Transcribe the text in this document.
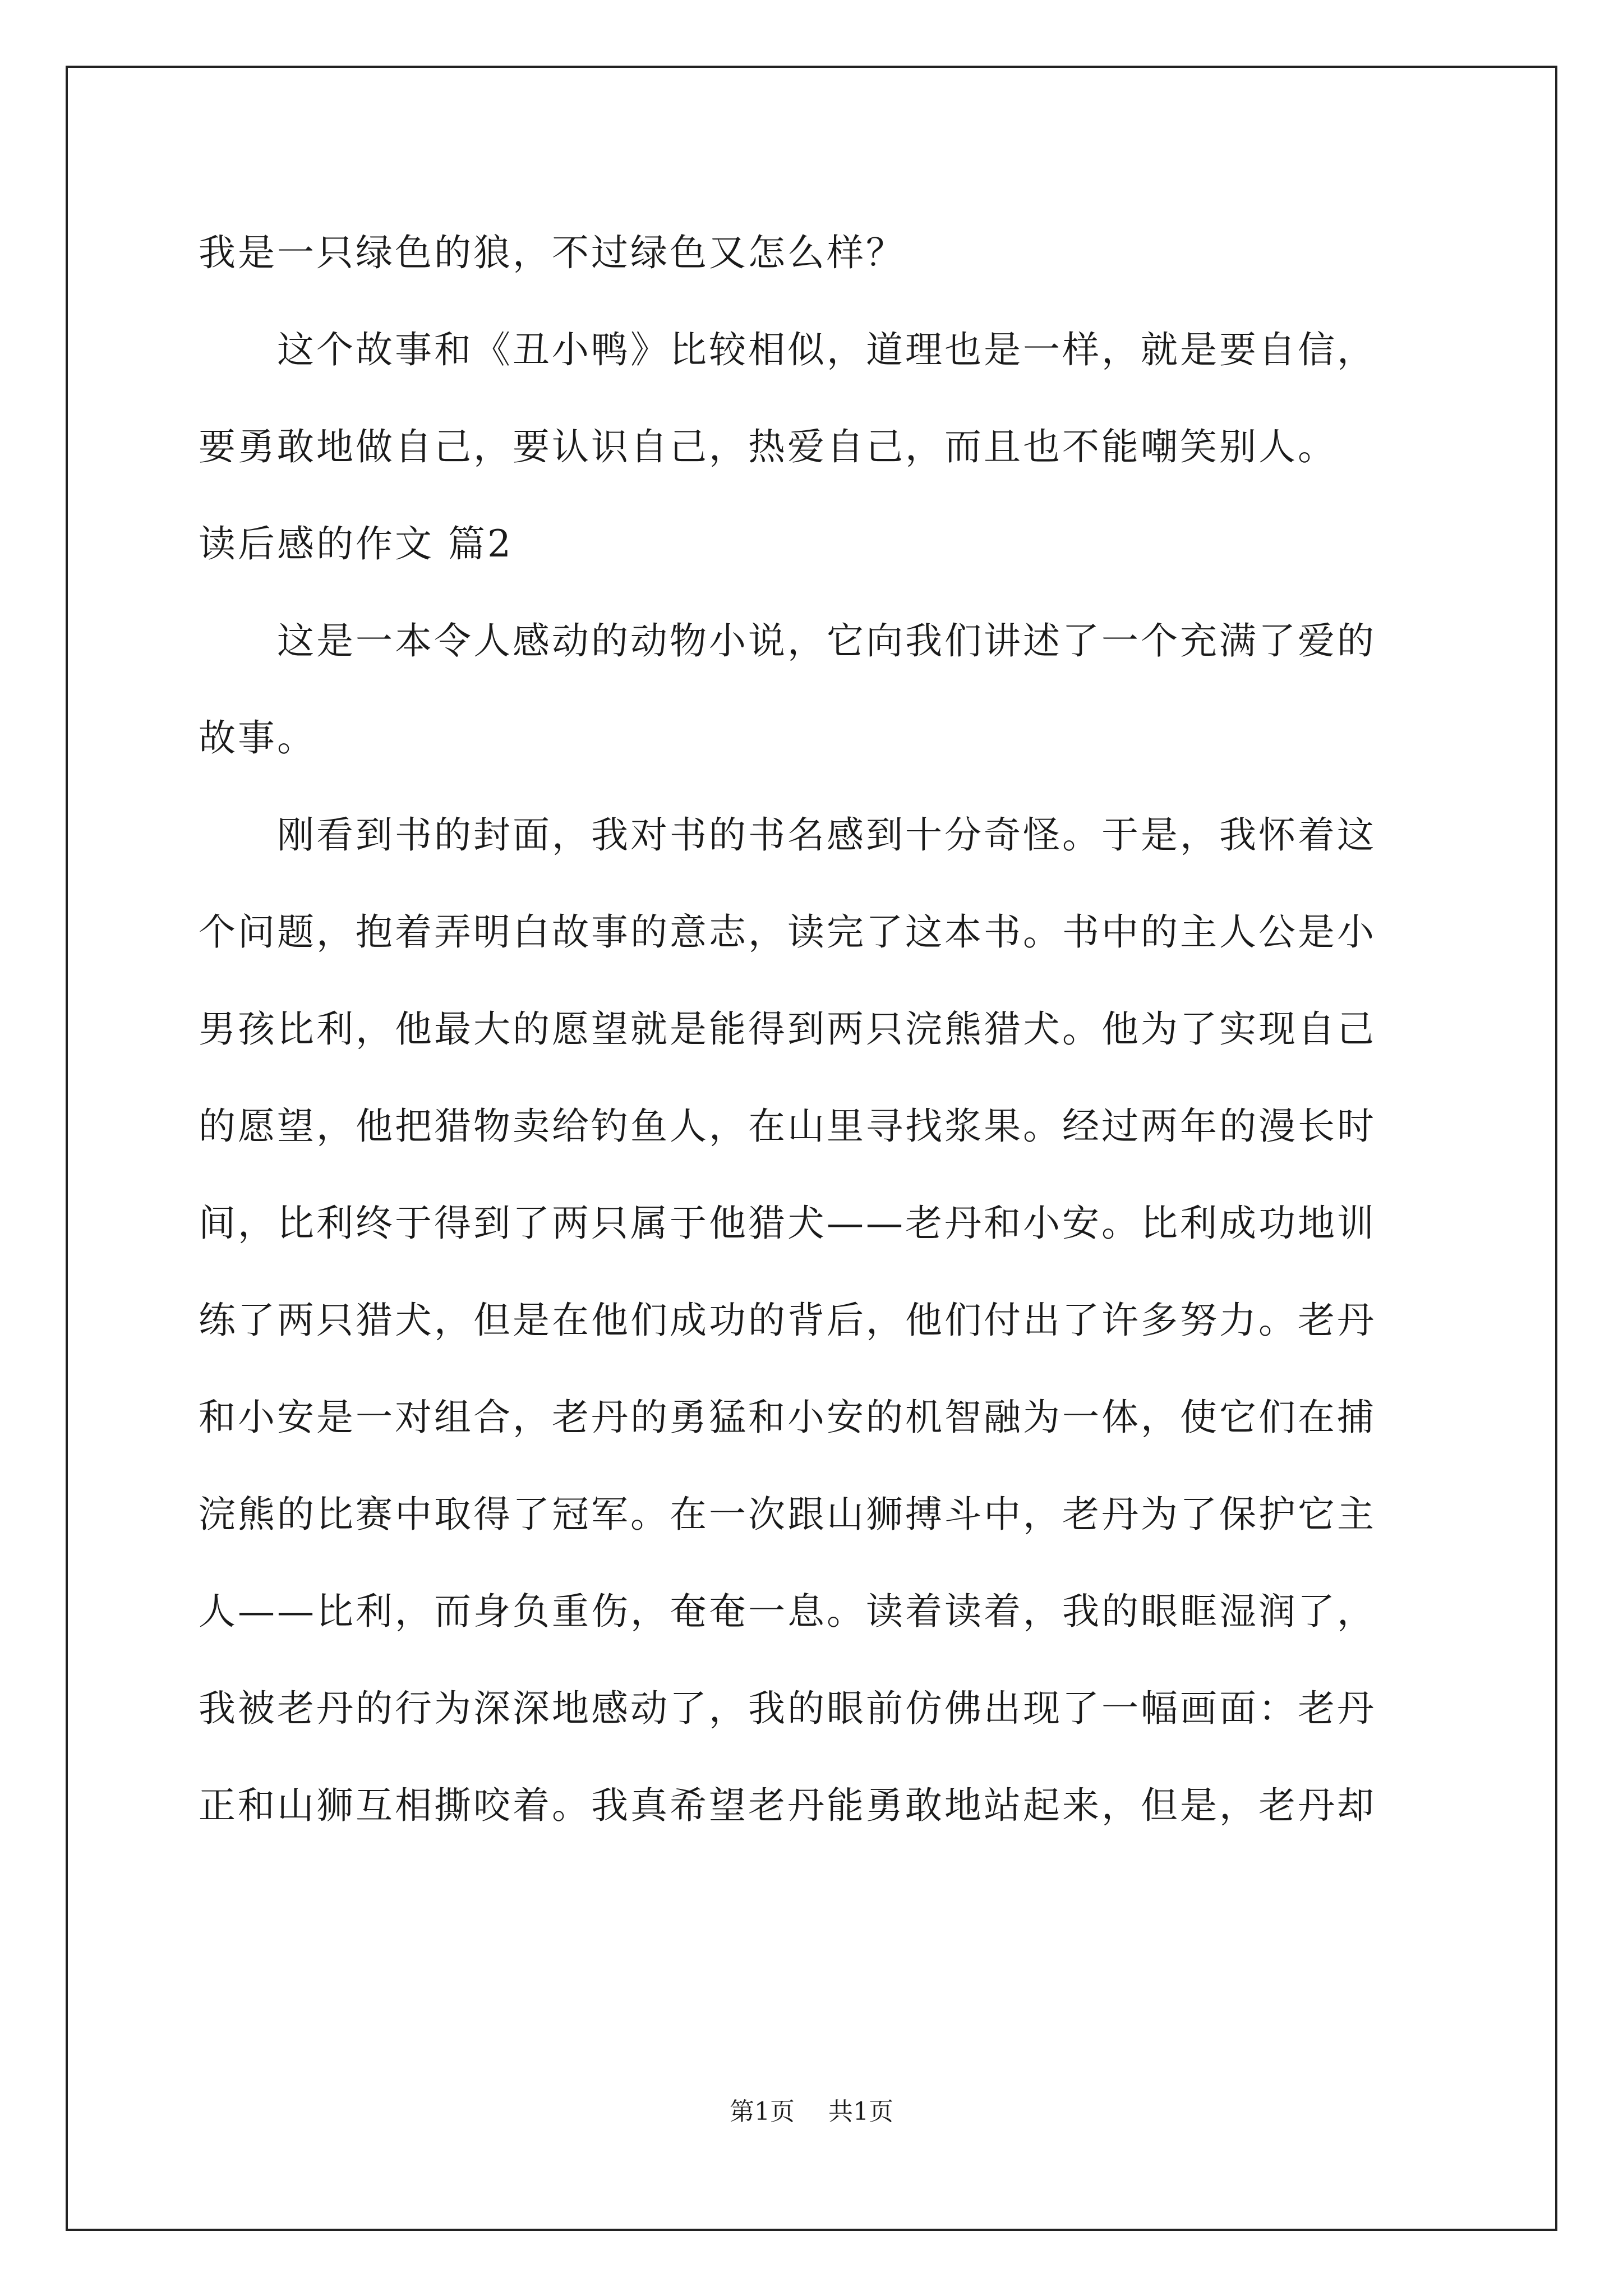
我是一只绿色的狼，不过绿色又怎么样？
这个故事和《丑小鸭》比较相似，道理也是一样，就是要自信，
要勇敢地做自己，要认识自己，热爱自己，而且也不能嘲笑别人。
读后感的作文 篇2
这是一本令人感动的动物小说，它向我们讲述了一个充满了爱的
故事。
刚看到书的封面，我对书的书名感到十分奇怪。于是，我怀着这
个问题，抱着弄明白故事的意志，读完了这本书。书中的主人公是小
男孩比利，他最大的愿望就是能得到两只浣熊猎犬。他为了实现自己
的愿望，他把猎物卖给钓鱼人，在山里寻找浆果。经过两年的漫长时
间，比利终于得到了两只属于他猎犬——老丹和小安。比利成功地训
练了两只猎犬，但是在他们成功的背后，他们付出了许多努力。老丹
和小安是一对组合，老丹的勇猛和小安的机智融为一体，使它们在捕
浣熊的比赛中取得了冠军。在一次跟山狮搏斗中，老丹为了保护它主
人——比利，而身负重伤，奄奄一息。读着读着，我的眼眶湿润了，
我被老丹的行为深深地感动了，我的眼前仿佛出现了一幅画面：老丹
正和山狮互相撕咬着。我真希望老丹能勇敢地站起来，但是，老丹却
第1页 共1页
